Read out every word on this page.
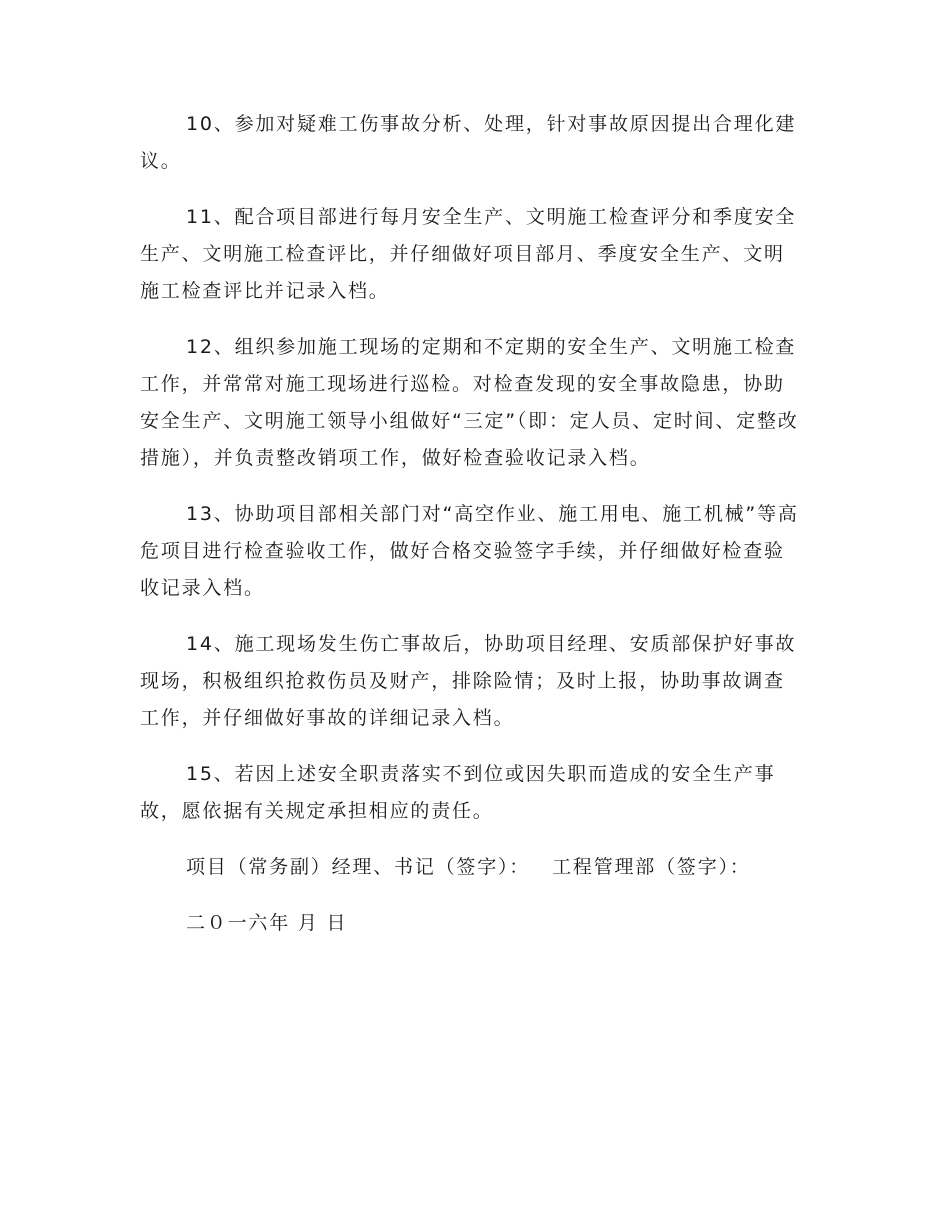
10、参加对疑难工伤事故分析、处理，针对事故原因提出合理化建议。

11、配合项目部进行每月安全生产、文明施工检查评分和季度安全生产、文明施工检查评比，并仔细做好项目部月、季度安全生产、文明施工检查评比并记录入档。

12、组织参加施工现场的定期和不定期的安全生产、文明施工检查工作，并常常对施工现场进行巡检。对检查发现的安全事故隐患，协助安全生产、文明施工领导小组做好“三定”（即：定人员、定时间、定整改措施），并负责整改销项工作，做好检查验收记录入档。

13、协助项目部相关部门对“高空作业、施工用电、施工机械”等高危项目进行检查验收工作，做好合格交验签字手续，并仔细做好检查验收记录入档。

14、施工现场发生伤亡事故后，协助项目经理、安质部保护好事故现场，积极组织抢救伤员及财产，排除险情；及时上报，协助事故调查工作，并仔细做好事故的详细记录入档。

15、若因上述安全职责落实不到位或因失职而造成的安全生产事故，愿依据有关规定承担相应的责任。

项目（常务副）经理、书记（签字）： 工程管理部（签字）：

二０一六年 月 日
